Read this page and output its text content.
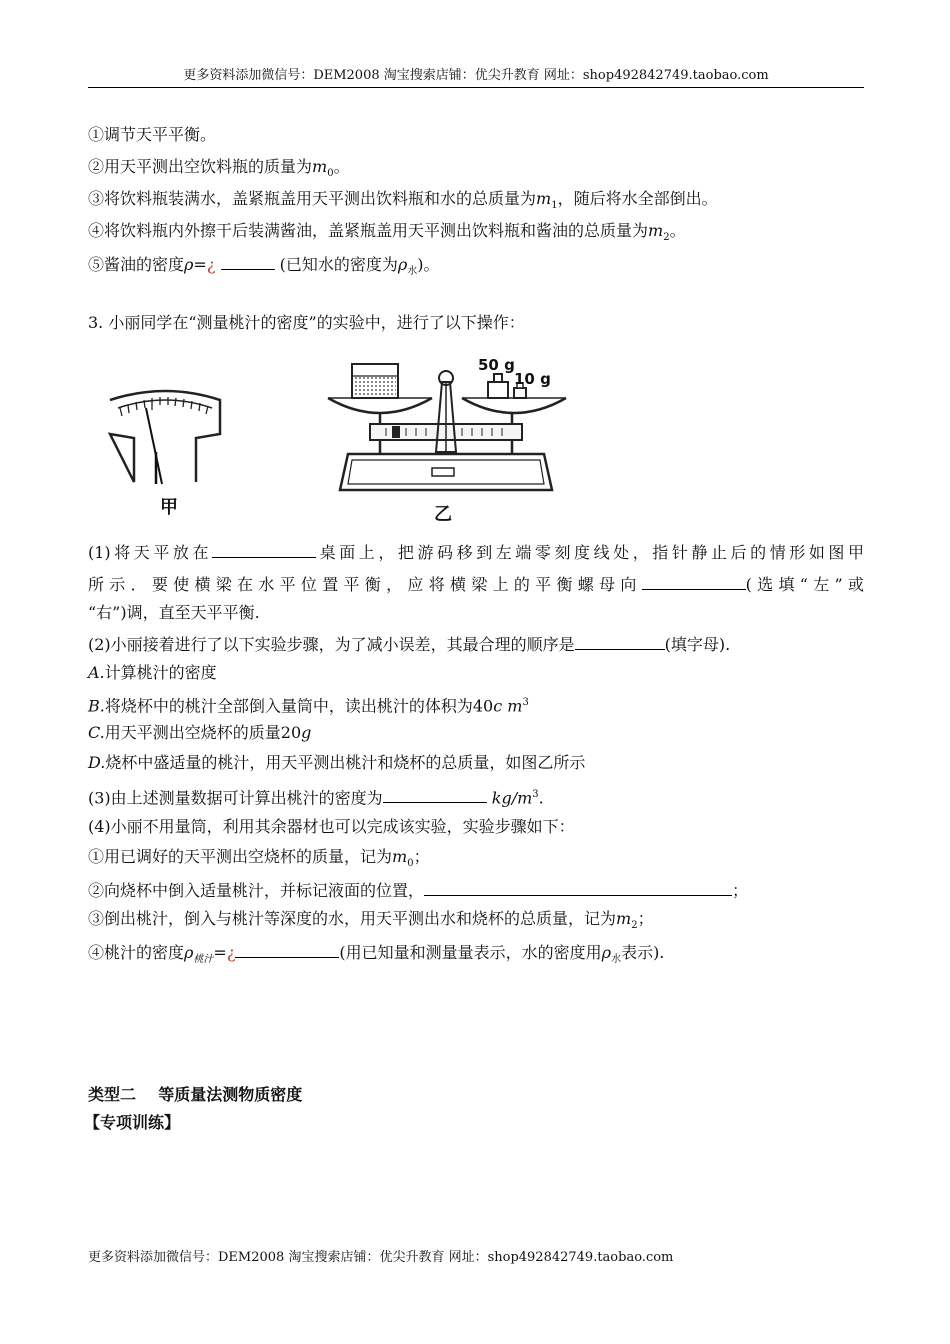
更多资料添加微信号：DEM2008 淘宝搜索店铺：优尖升教育 网址：shop492842749.taobao.com
①调节天平平衡。
②用天平测出空饮料瓶的质量为$m_0$。
③将饮料瓶装满水，盖紧瓶盖用天平测出饮料瓶和水的总质量为$m_1$，随后将水全部倒出。
④将饮料瓶内外擦干后装满酱油，盖紧瓶盖用天平测出饮料瓶和酱油的总质量为$m_2$。
⑤酱油的密度ρ=¿	(已知水的密度为$\rho_水$)。
3. 小丽同学在“测量桃汁的密度”的实验中，进行了以下操作：
甲
50 g
10 g
乙
(1)将天平放在	桌面上，把游码移到左端零刻度线处，指针静止后的情形如图甲
所示．要使横梁在水平位置平衡，应将横梁上的平衡螺母向	(选填“左”或
“右”)调，直至天平平衡.
(2)小丽接着进行了以下实验步骤，为了减小误差，其最合理的顺序是	(填字母).
A.计算桃汁的密度
B.将烧杯中的桃汁全部倒入量筒中，读出桃汁的体积为40c $m^3$
C.用天平测出空烧杯的质量20g
D.烧杯中盛适量的桃汁，用天平测出桃汁和烧杯的总质量，如图乙所示
(3)由上述测量数据可计算出桃汁的密度为	$kg/m^3$.
(4)小丽不用量筒，利用其余器材也可以完成该实验，实验步骤如下：
①用已调好的天平测出空烧杯的质量，记为$m_0$；
②向烧杯中倒入适量桃汁，并标记液面的位置，	；
③倒出桃汁，倒入与桃汁等深度的水，用天平测出水和烧杯的总质量，记为$m_2$；
④桃汁的密度$\rho_{桃汁}=¿$	(用已知量和测量量表示，水的密度用$\rho_水$表示).
类型二    等质量法测物质密度
【专项训练】
更多资料添加微信号：DEM2008 淘宝搜索店铺：优尖升教育 网址：shop492842749.taobao.com
